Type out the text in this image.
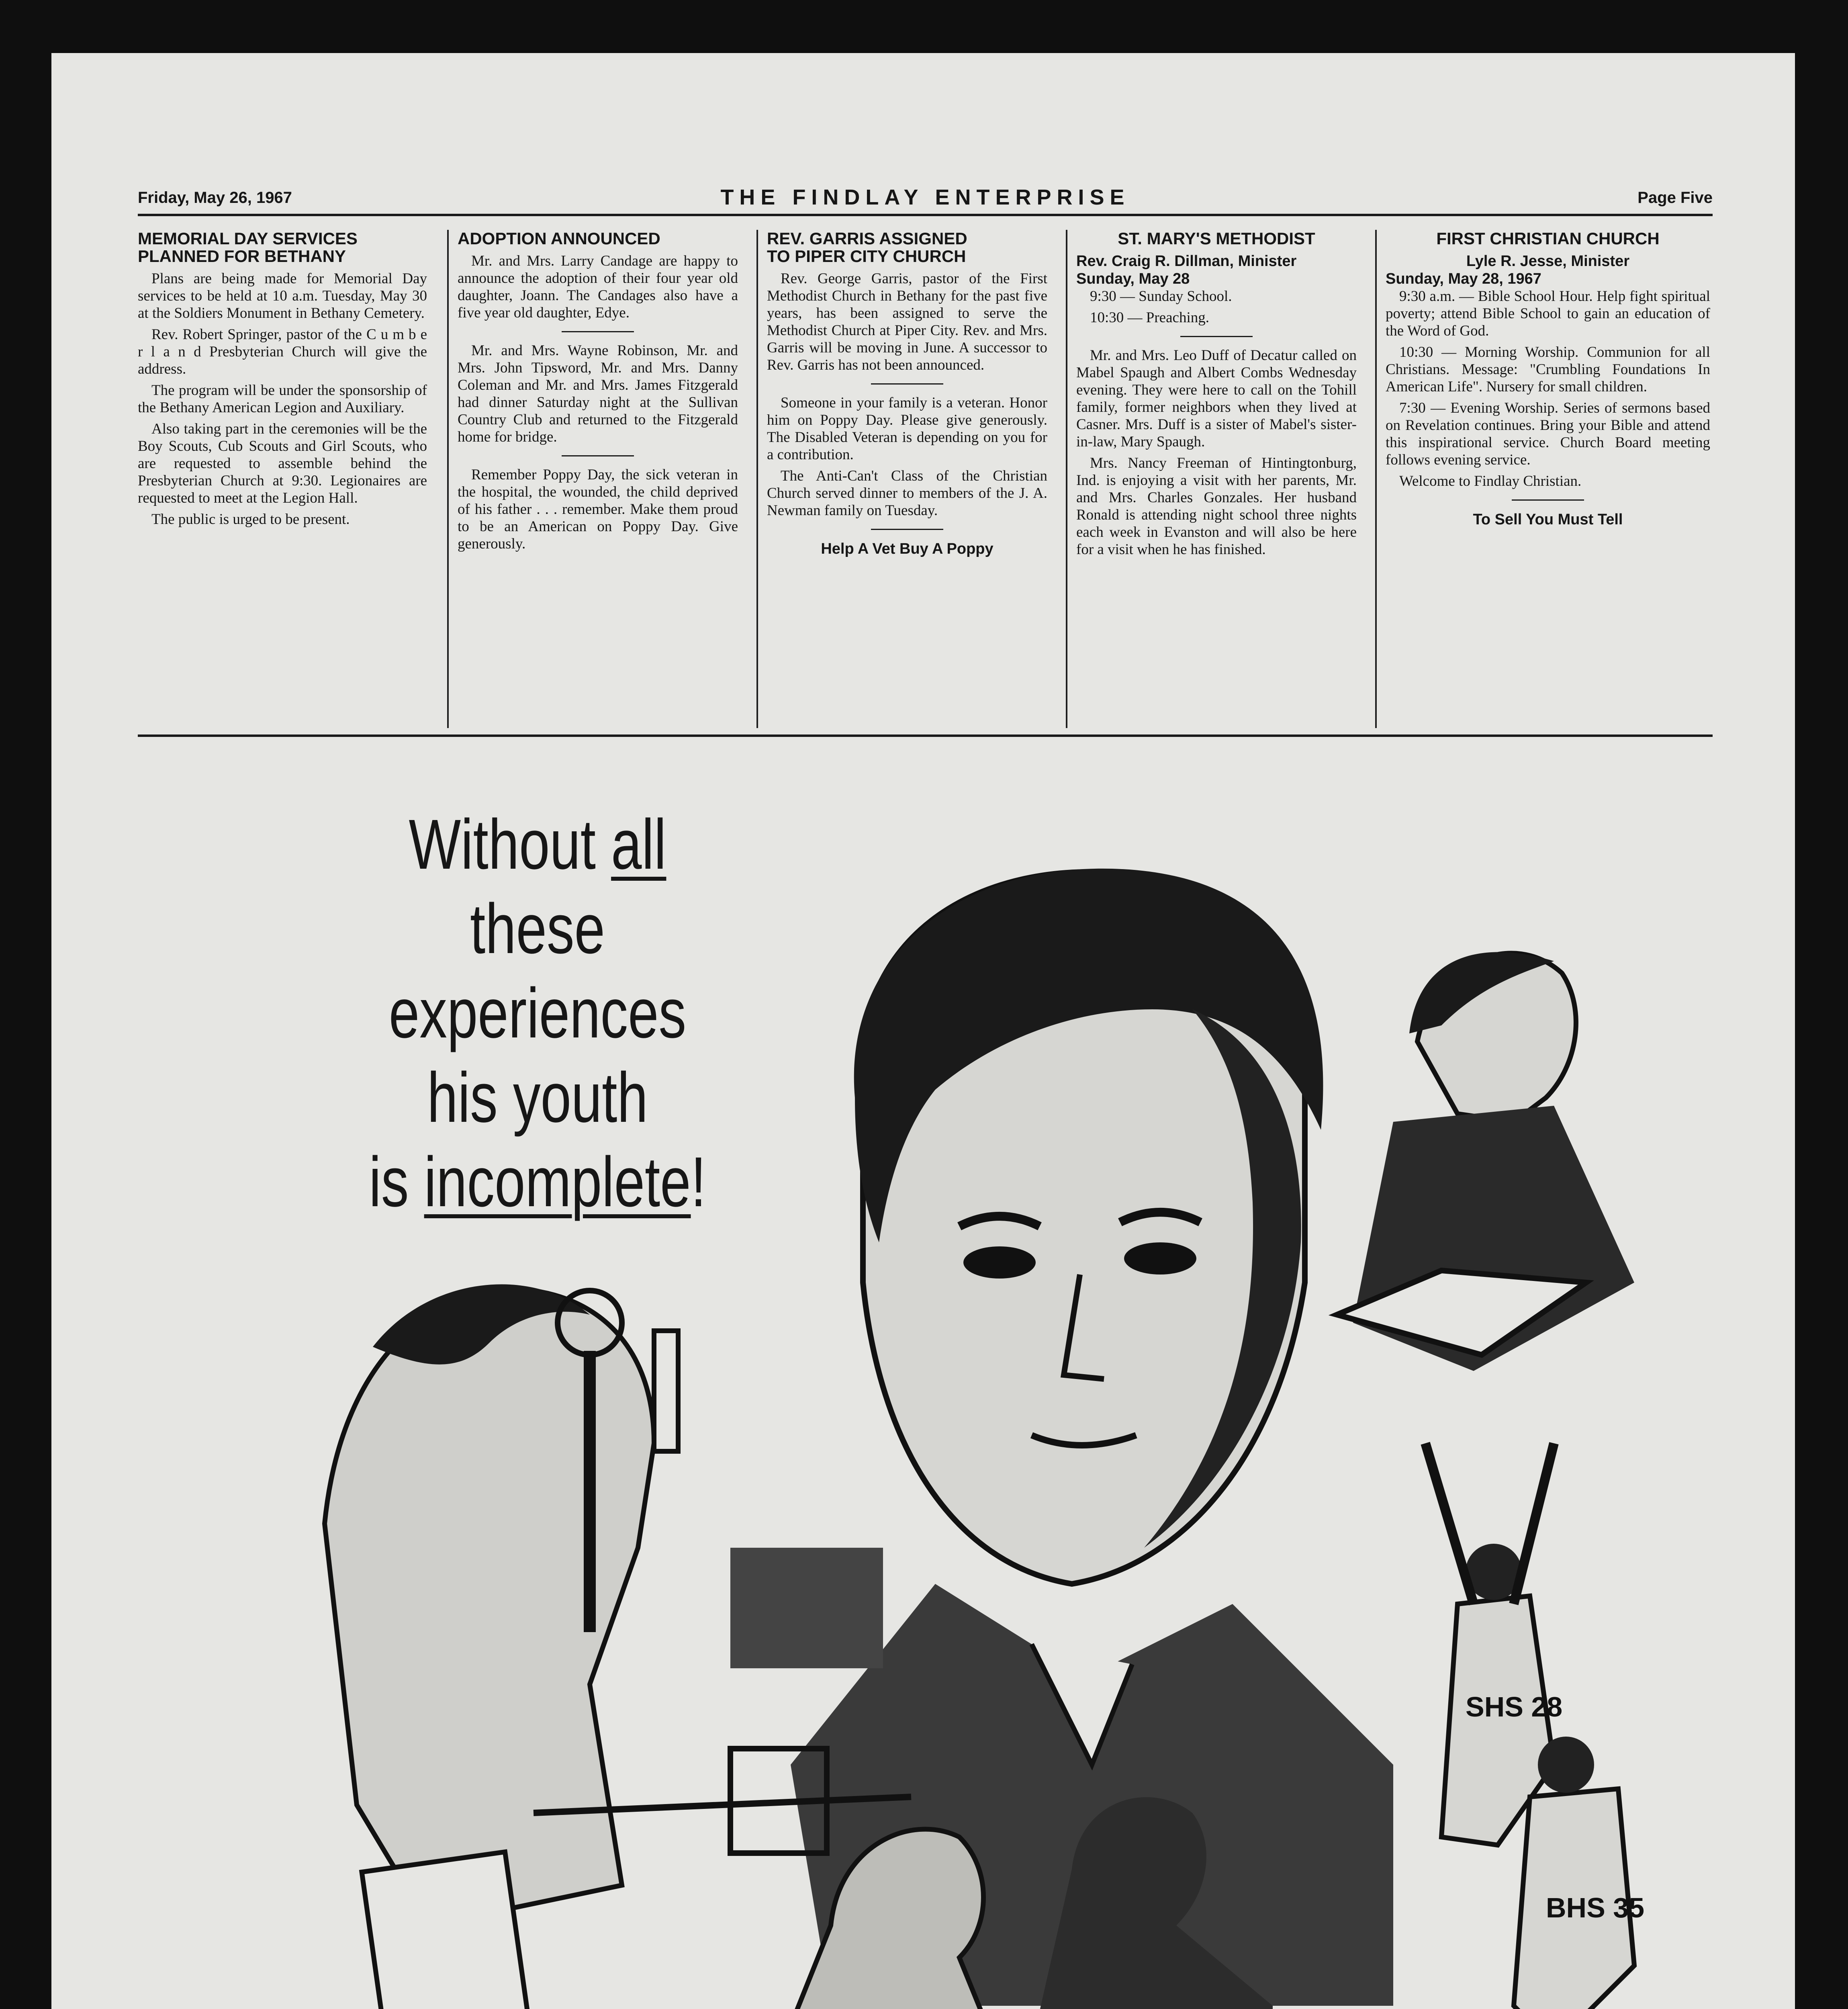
Friday, May 26, 1967	THE FINDLAY ENTERPRISE	Page Five
MEMORIAL DAY SERVICES
PLANNED FOR BETHANY

Plans are being made for Memorial Day services to be held at 10 a.m. Tuesday, May 30 at the Soldiers Monument in Bethany Cemetery.

Rev. Robert Springer, pastor of the C u m b e r l a n d Presbyterian Church will give the address.

The program will be under the sponsorship of the Bethany American Legion and Auxiliary.

Also taking part in the ceremonies will be the Boy Scouts, Cub Scouts and Girl Scouts, who are requested to assemble behind the Presbyterian Church at 9:30. Legionaires are requested to meet at the Legion Hall.

The public is urged to be present.

ADOPTION ANNOUNCED

Mr. and Mrs. Larry Candage are happy to announce the adoption of their four year old daughter, Joann. The Candages also have a five year old daughter, Edye.

Mr. and Mrs. Wayne Robinson, Mr. and Mrs. John Tipsword, Mr. and Mrs. Danny Coleman and Mr. and Mrs. James Fitzgerald had dinner Saturday night at the Sullivan Country Club and returned to the Fitzgerald home for bridge.

Remember Poppy Day, the sick veteran in the hospital, the wounded, the child deprived of his father . . . remember. Make them proud to be an American on Poppy Day. Give generously.

REV. GARRIS ASSIGNED
TO PIPER CITY CHURCH

Rev. George Garris, pastor of the First Methodist Church in Bethany for the past five years, has been assigned to serve the Methodist Church at Piper City. Rev. and Mrs. Garris will be moving in June. A successor to Rev. Garris has not been announced.

Someone in your family is a veteran. Honor him on Poppy Day. Please give generously. The Disabled Veteran is depending on you for a contribution.

The Anti-Can't Class of the Christian Church served dinner to members of the J. A. Newman family on Tuesday.

Help A Vet Buy A Poppy
ST. MARY'S METHODIST
Rev. Craig R. Dillman, Minister
Sunday, May 28

9:30 — Sunday School.

10:30 — Preaching.

Mr. and Mrs. Leo Duff of Decatur called on Mabel Spaugh and Albert Combs Wednesday evening. They were here to call on the Tohill family, former neighbors when they lived at Casner. Mrs. Duff is a sister of Mabel's sister-in-law, Mary Spaugh.

Mrs. Nancy Freeman of Hintingtonburg, Ind. is enjoying a visit with her parents, Mr. and Mrs. Charles Gonzales. Her husband Ronald is attending night school three nights each week in Evanston and will also be here for a visit when he has finished.

FIRST CHRISTIAN CHURCH
Lyle R. Jesse, Minister
Sunday, May 28, 1967

9:30 a.m. — Bible School Hour. Help fight spiritual poverty; attend Bible School to gain an education of the Word of God.

10:30 — Morning Worship. Communion for all Christians. Message: "Crumbling Foundations In American Life". Nursery for small children.

7:30 — Evening Worship. Series of sermons based on Revelation continues. Bring your Bible and attend this inspirational service. Church Board meeting follows evening service.

Welcome to Findlay Christian.

To Sell You Must Tell
SHS 28
BHS 35
Without all
these experiences
his youth
is incomplete!
